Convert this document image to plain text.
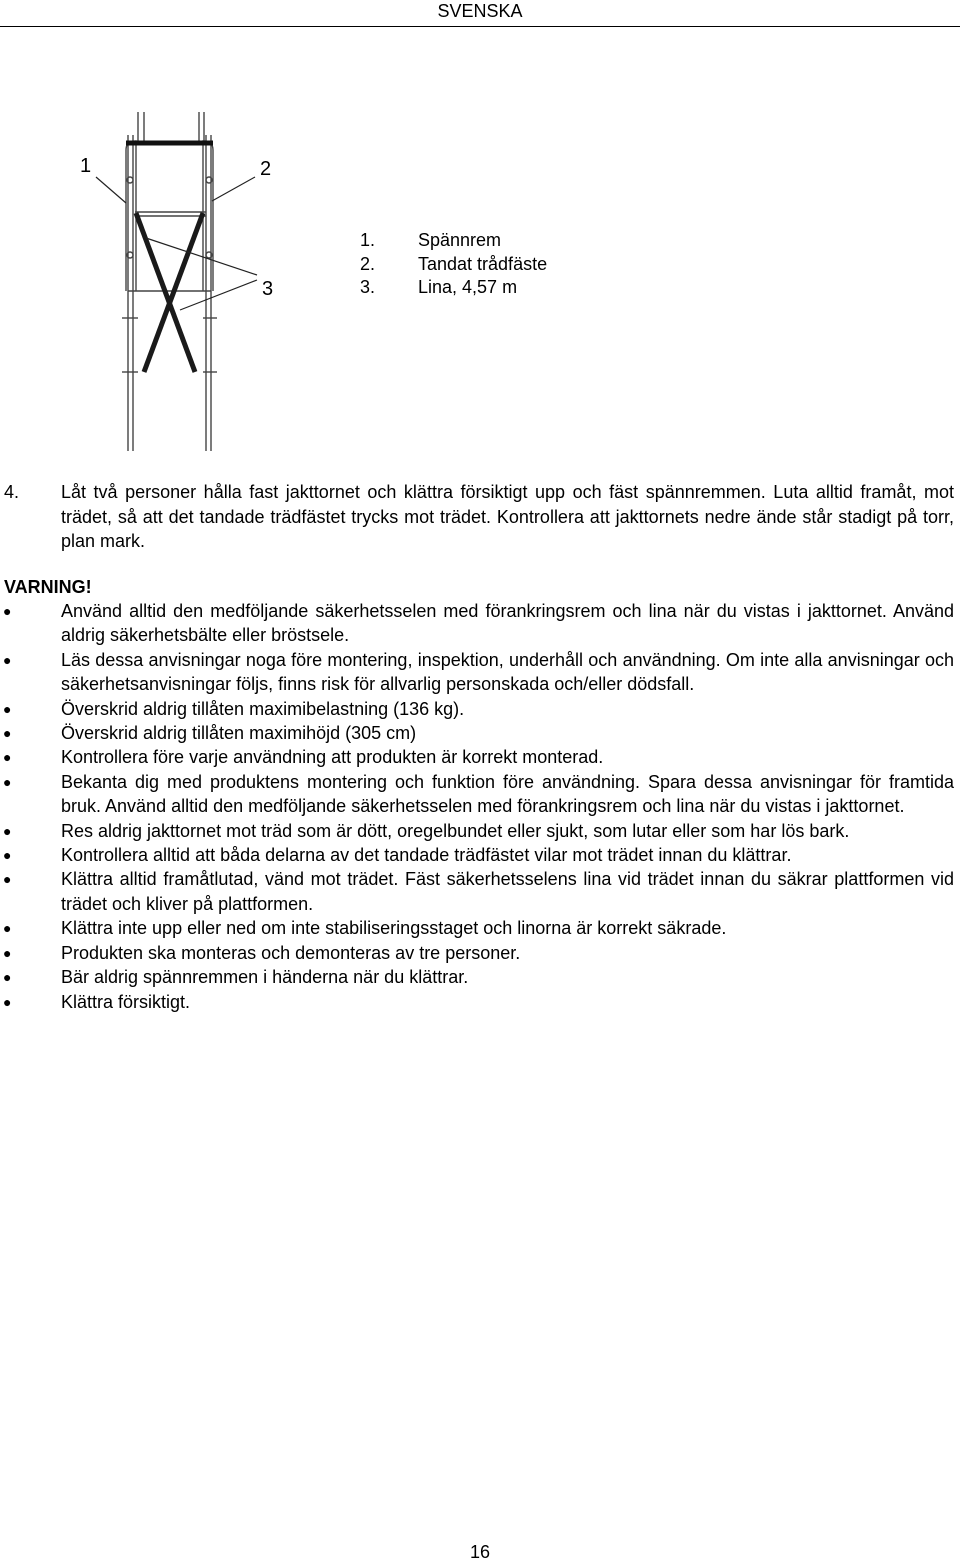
SVENSKA
1	2
3
1.	Spännrem
2.	Tandat trådfäste
3.	Lina, 4,57 m
4.	Låt två personer hålla fast jakttornet och klättra försiktigt upp och fäst spännremmen. Luta alltid framåt, mot trädet, så att det tandade trädfästet trycks mot trädet. Kontrollera att jakttornets nedre ände står stadigt på torr, plan mark.
VARNING!
●	Använd alltid den medföljande säkerhetsselen med förankringsrem och lina när du vistas i jakttornet. Använd aldrig säkerhetsbälte eller bröstsele.
●	Läs dessa anvisningar noga före montering, inspektion, underhåll och användning. Om inte alla anvisningar och säkerhetsanvisningar följs, finns risk för allvarlig personskada och/eller dödsfall.
●	Överskrid aldrig tillåten maximibelastning (136 kg).
●	Överskrid aldrig tillåten maximihöjd (305 cm)
●	Kontrollera före varje användning att produkten är korrekt monterad.
●	Bekanta dig med produktens montering och funktion före användning. Spara dessa anvisningar för framtida bruk. Använd alltid den medföljande säkerhetsselen med förankringsrem och lina när du vistas i jakttornet.
●	Res aldrig jakttornet mot träd som är dött, oregelbundet eller sjukt, som lutar eller som har lös bark.
●	Kontrollera alltid att båda delarna av det tandade trädfästet vilar mot trädet innan du klättrar.
●	Klättra alltid framåtlutad, vänd mot trädet. Fäst säkerhetsselens lina vid trädet innan du säkrar plattformen vid trädet och kliver på plattformen.
●	Klättra inte upp eller ned om inte stabiliseringsstaget och linorna är korrekt säkrade.
●	Produkten ska monteras och demonteras av tre personer.
●	Bär aldrig spännremmen i händerna när du klättrar.
●	Klättra försiktigt.
16
